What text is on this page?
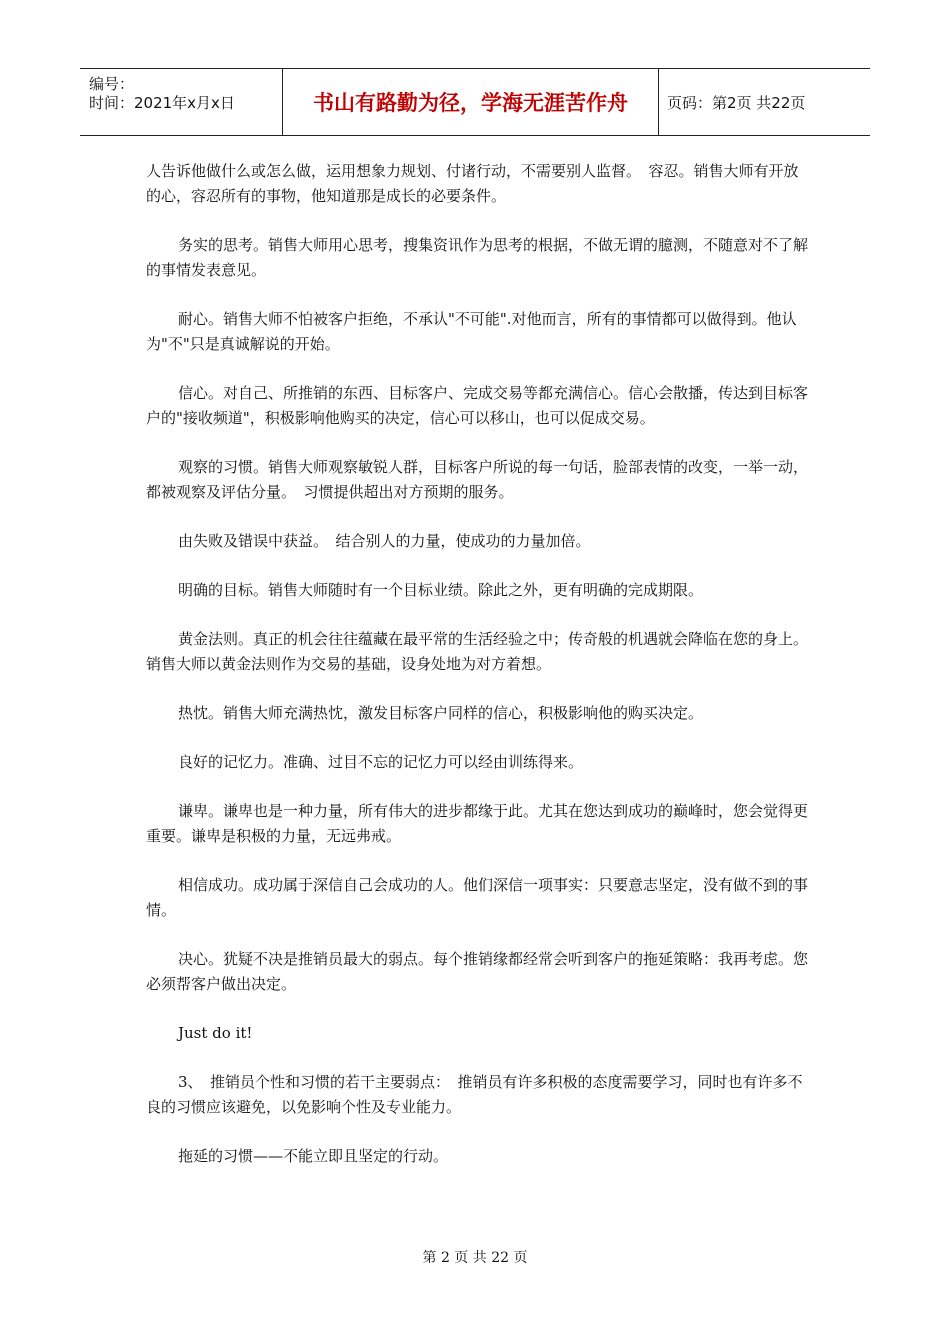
编号：
时间：2021年x月x日	书山有路勤为径，学海无涯苦作舟	页码：第2页 共22页

人告诉他做什么或怎么做，运用想象力规划、付诸行动，不需要别人监督。　容忍。销售大师有开放的心，容忍所有的事物，他知道那是成长的必要条件。

务实的思考。销售大师用心思考，搜集资讯作为思考的根据，不做无谓的臆测，不随意对不了解的事情发表意见。

耐心。销售大师不怕被客户拒绝，不承认"不可能".对他而言，所有的事情都可以做得到。他认为"不"只是真诚解说的开始。

信心。对自己、所推销的东西、目标客户、完成交易等都充满信心。信心会散播，传达到目标客户的"接收频道"，积极影响他购买的决定，信心可以移山，也可以促成交易。

观察的习惯。销售大师观察敏锐人群，目标客户所说的每一句话，脸部表情的改变，一举一动，都被观察及评估分量。　习惯提供超出对方预期的服务。

由失败及错误中获益。　结合别人的力量，使成功的力量加倍。

明确的目标。销售大师随时有一个目标业绩。除此之外，更有明确的完成期限。

黄金法则。真正的机会往往蕴藏在最平常的生活经验之中；传奇般的机遇就会降临在您的身上。销售大师以黄金法则作为交易的基础，设身处地为对方着想。

热忱。销售大师充满热忱，激发目标客户同样的信心，积极影响他的购买决定。

良好的记忆力。准确、过目不忘的记忆力可以经由训练得来。

谦卑。谦卑也是一种力量，所有伟大的进步都缘于此。尤其在您达到成功的巅峰时，您会觉得更重要。谦卑是积极的力量，无远弗戒。

相信成功。成功属于深信自己会成功的人。他们深信一项事实：只要意志坚定，没有做不到的事情。

决心。犹疑不决是推销员最大的弱点。每个推销缘都经常会听到客户的拖延策略：我再考虑。您必须帮客户做出决定。

Just do it!

3、　推销员个性和习惯的若干主要弱点：　推销员有许多积极的态度需要学习，同时也有许多不良的习惯应该避免，以免影响个性及专业能力。

拖延的习惯——不能立即且坚定的行动。

第 2 页 共 22 页
